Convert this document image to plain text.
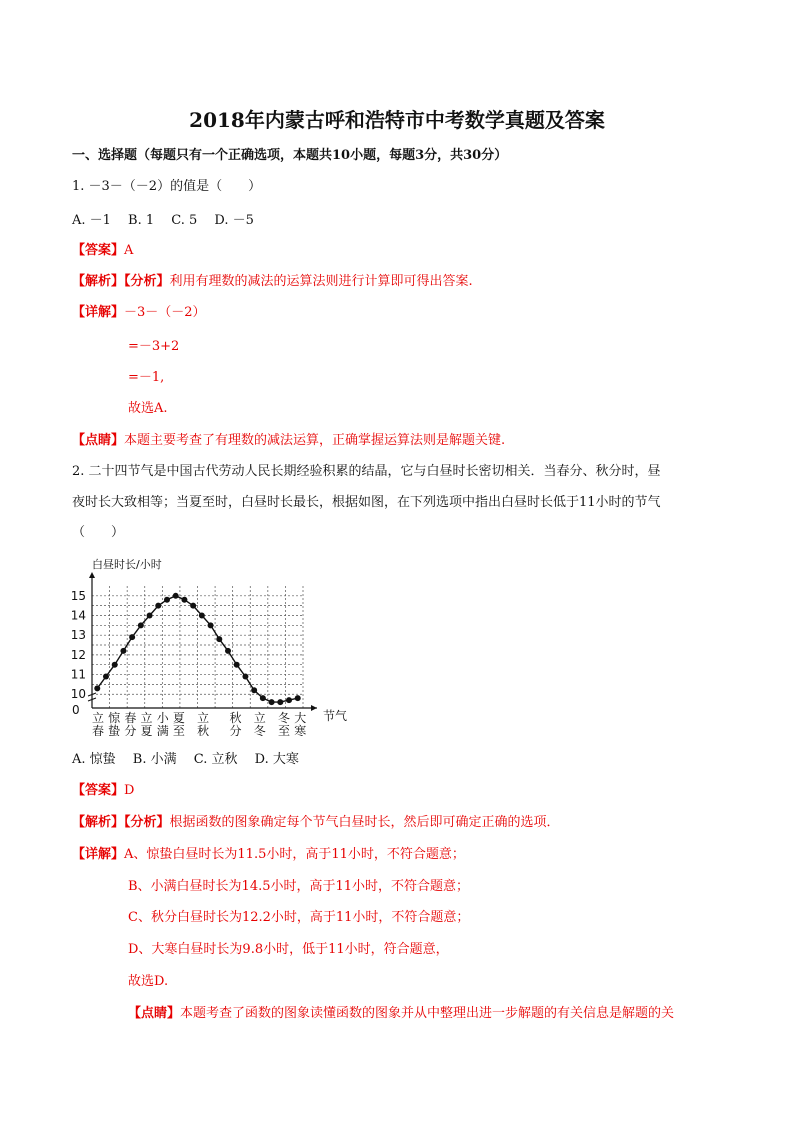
2018年内蒙古呼和浩特市中考数学真题及答案
一、选择题（每题只有一个正确选项，本题共10小题，每题3分，共30分）
1. －3－（－2）的值是（　　）
A. －1　 B. 1　 C. 5　 D. －5
【答案】A
【解析】【分析】利用有理数的减法的运算法则进行计算即可得出答案.
【详解】－3－（－2）
=－3+2
=－1,
故选A.
【点睛】本题主要考查了有理数的减法运算，正确掌握运算法则是解题关键.
2. 二十四节气是中国古代劳动人民长期经验积累的结晶，它与白昼时长密切相关．当春分、秋分时，昼
夜时长大致相等；当夏至时，白昼时长最长，根据如图，在下列选项中指出白昼时长低于11小时的节气
（　　）
白昼时长/小时
10
11
12
13
14
15
立
春
惊
蛰
春
分
立
夏
小
满
夏
至
立
秋
秋
分
立
冬
冬
至
大
寒
0	节气
A. 惊蛰　 B. 小满　 C. 立秋　 D. 大寒
【答案】D
【解析】【分析】根据函数的图象确定每个节气白昼时长，然后即可确定正确的选项．
【详解】A、惊蛰白昼时长为11.5小时，高于11小时，不符合题意；
B、小满白昼时长为14.5小时，高于11小时，不符合题意；
C、秋分白昼时长为12.2小时，高于11小时，不符合题意；
D、大寒白昼时长为9.8小时，低于11小时，符合题意，
故选D.
【点睛】本题考查了函数的图象读懂函数的图象并从中整理出进一步解题的有关信息是解题的关
